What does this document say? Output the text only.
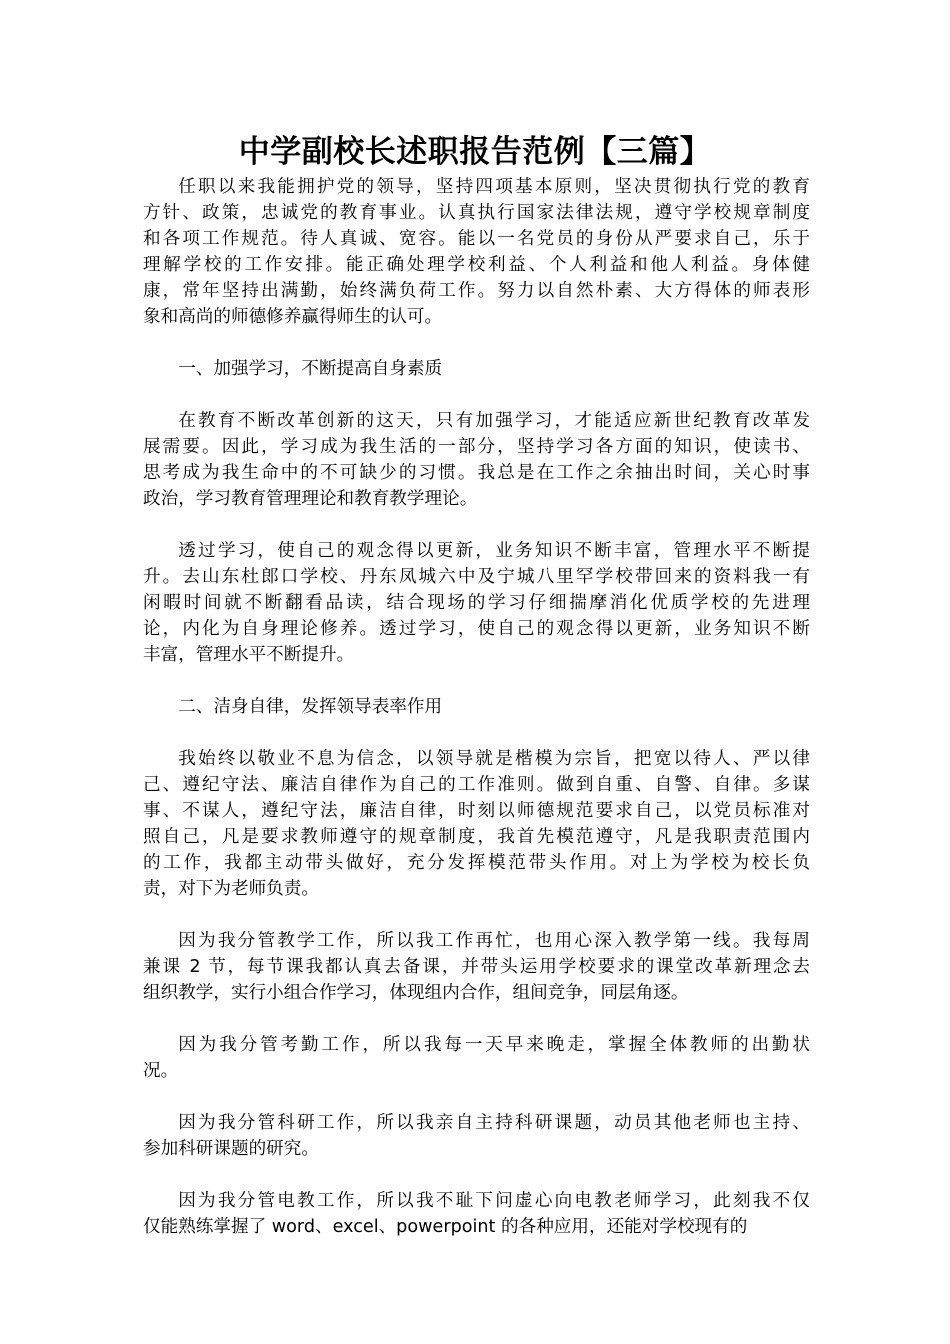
中学副校长述职报告范例【三篇】
任职以来我能拥护党的领导，坚持四项基本原则，坚决贯彻执行党的教育
方针、政策，忠诚党的教育事业。认真执行国家法律法规，遵守学校规章制度
和各项工作规范。待人真诚、宽容。能以一名党员的身份从严要求自己，乐于
理解学校的工作安排。能正确处理学校利益、个人利益和他人利益。身体健
康，常年坚持出满勤，始终满负荷工作。努力以自然朴素、大方得体的师表形
象和高尚的师德修养赢得师生的认可。
一、加强学习，不断提高自身素质
在教育不断改革创新的这天，只有加强学习，才能适应新世纪教育改革发
展需要。因此，学习成为我生活的一部分，坚持学习各方面的知识，使读书、
思考成为我生命中的不可缺少的习惯。我总是在工作之余抽出时间，关心时事
政治，学习教育管理理论和教育教学理论。
透过学习，使自己的观念得以更新，业务知识不断丰富，管理水平不断提
升。去山东杜郎口学校、丹东凤城六中及宁城八里罕学校带回来的资料我一有
闲暇时间就不断翻看品读，结合现场的学习仔细揣摩消化优质学校的先进理
论，内化为自身理论修养。透过学习，使自己的观念得以更新，业务知识不断
丰富，管理水平不断提升。
二、洁身自律，发挥领导表率作用
我始终以敬业不息为信念，以领导就是楷模为宗旨，把宽以待人、严以律
己、遵纪守法、廉洁自律作为自己的工作准则。做到自重、自警、自律。多谋
事、不谋人，遵纪守法，廉洁自律，时刻以师德规范要求自己，以党员标准对
照自己，凡是要求教师遵守的规章制度，我首先模范遵守，凡是我职责范围内
的工作，我都主动带头做好，充分发挥模范带头作用。对上为学校为校长负
责，对下为老师负责。
因为我分管教学工作，所以我工作再忙，也用心深入教学第一线。我每周
兼课 2 节，每节课我都认真去备课，并带头运用学校要求的课堂改革新理念去
组织教学，实行小组合作学习，体现组内合作，组间竞争，同层角逐。
因为我分管考勤工作，所以我每一天早来晚走，掌握全体教师的出勤状
况。
因为我分管科研工作，所以我亲自主持科研课题，动员其他老师也主持、
参加科研课题的研究。
因为我分管电教工作，所以我不耻下问虚心向电教老师学习，此刻我不仅
仅能熟练掌握了 word、excel、powerpoint 的各种应用，还能对学校现有的
